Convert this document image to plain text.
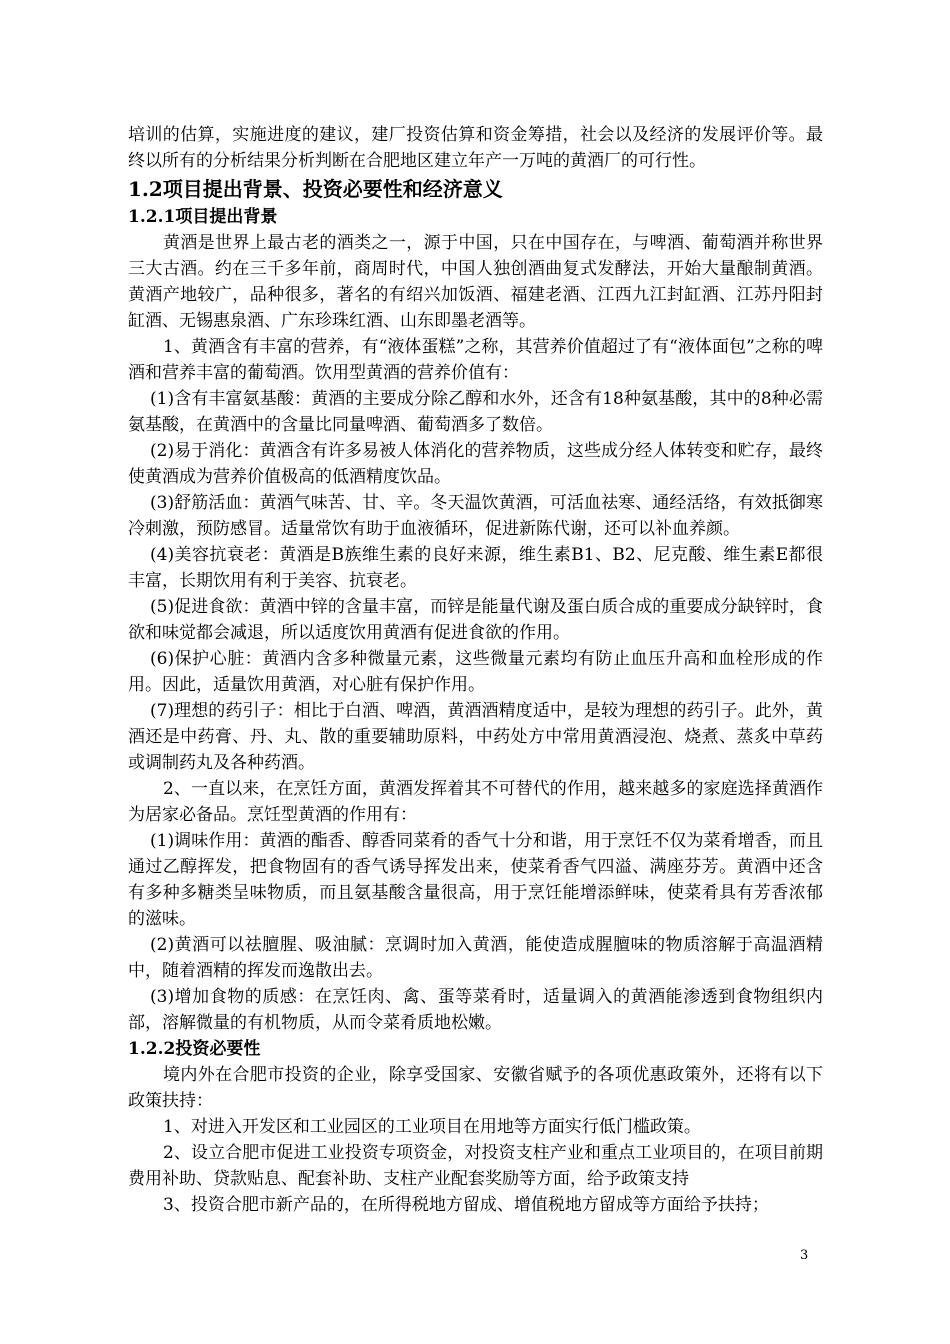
培训的估算，实施进度的建议，建厂投资估算和资金筹措，社会以及经济的发展评价等。最终以所有的分析结果分析判断在合肥地区建立年产一万吨的黄酒厂的可行性。

1.2项目提出背景、投资必要性和经济意义
1.2.1项目提出背景

黄酒是世界上最古老的酒类之一，源于中国，只在中国存在，与啤酒、葡萄酒并称世界三大古酒。约在三千多年前，商周时代，中国人独创酒曲复式发酵法，开始大量酿制黄酒。黄酒产地较广，品种很多，著名的有绍兴加饭酒、福建老酒、江西九江封缸酒、江苏丹阳封缸酒、无锡惠泉酒、广东珍珠红酒、山东即墨老酒等。

1、黄酒含有丰富的营养，有“液体蛋糕”之称，其营养价值超过了有“液体面包”之称的啤酒和营养丰富的葡萄酒。饮用型黄酒的营养价值有：

(1)含有丰富氨基酸：黄酒的主要成分除乙醇和水外，还含有18种氨基酸，其中的8种必需氨基酸，在黄酒中的含量比同量啤酒、葡萄酒多了数倍。

(2)易于消化：黄酒含有许多易被人体消化的营养物质，这些成分经人体转变和贮存，最终使黄酒成为营养价值极高的低酒精度饮品。

(3)舒筋活血：黄酒气味苦、甘、辛。冬天温饮黄酒，可活血祛寒、通经活络，有效抵御寒冷刺激，预防感冒。适量常饮有助于血液循环，促进新陈代谢，还可以补血养颜。

(4)美容抗衰老：黄酒是B族维生素的良好来源，维生素B1、B2、尼克酸、维生素E都很丰富，长期饮用有利于美容、抗衰老。

(5)促进食欲：黄酒中锌的含量丰富，而锌是能量代谢及蛋白质合成的重要成分缺锌时，食欲和味觉都会减退，所以适度饮用黄酒有促进食欲的作用。

(6)保护心脏：黄酒内含多种微量元素，这些微量元素均有防止血压升高和血栓形成的作用。因此，适量饮用黄酒，对心脏有保护作用。

(7)理想的药引子：相比于白酒、啤酒，黄酒酒精度适中，是较为理想的药引子。此外，黄酒还是中药膏、丹、丸、散的重要辅助原料，中药处方中常用黄酒浸泡、烧煮、蒸炙中草药或调制药丸及各种药酒。

2、一直以来，在烹饪方面，黄酒发挥着其不可替代的作用，越来越多的家庭选择黄酒作为居家必备品。烹饪型黄酒的作用有：

(1)调味作用：黄酒的酯香、醇香同菜肴的香气十分和谐，用于烹饪不仅为菜肴增香，而且通过乙醇挥发，把食物固有的香气诱导挥发出来，使菜肴香气四溢、满座芬芳。黄酒中还含有多种多糖类呈味物质，而且氨基酸含量很高，用于烹饪能增添鲜味，使菜肴具有芳香浓郁的滋味。

(2)黄酒可以祛膻腥、吸油腻：烹调时加入黄酒，能使造成腥膻味的物质溶解于高温酒精中，随着酒精的挥发而逸散出去。

(3)增加食物的质感：在烹饪肉、禽、蛋等菜肴时，适量调入的黄酒能渗透到食物组织内部，溶解微量的有机物质，从而令菜肴质地松嫩。

1.2.2投资必要性

境内外在合肥市投资的企业，除享受国家、安徽省赋予的各项优惠政策外，还将有以下政策扶持：

1、对进入开发区和工业园区的工业项目在用地等方面实行低门槛政策。

2、设立合肥市促进工业投资专项资金，对投资支柱产业和重点工业项目的，在项目前期费用补助、贷款贴息、配套补助、支柱产业配套奖励等方面，给予政策支持

3、投资合肥市新产品的，在所得税地方留成、增值税地方留成等方面给予扶持；

3
